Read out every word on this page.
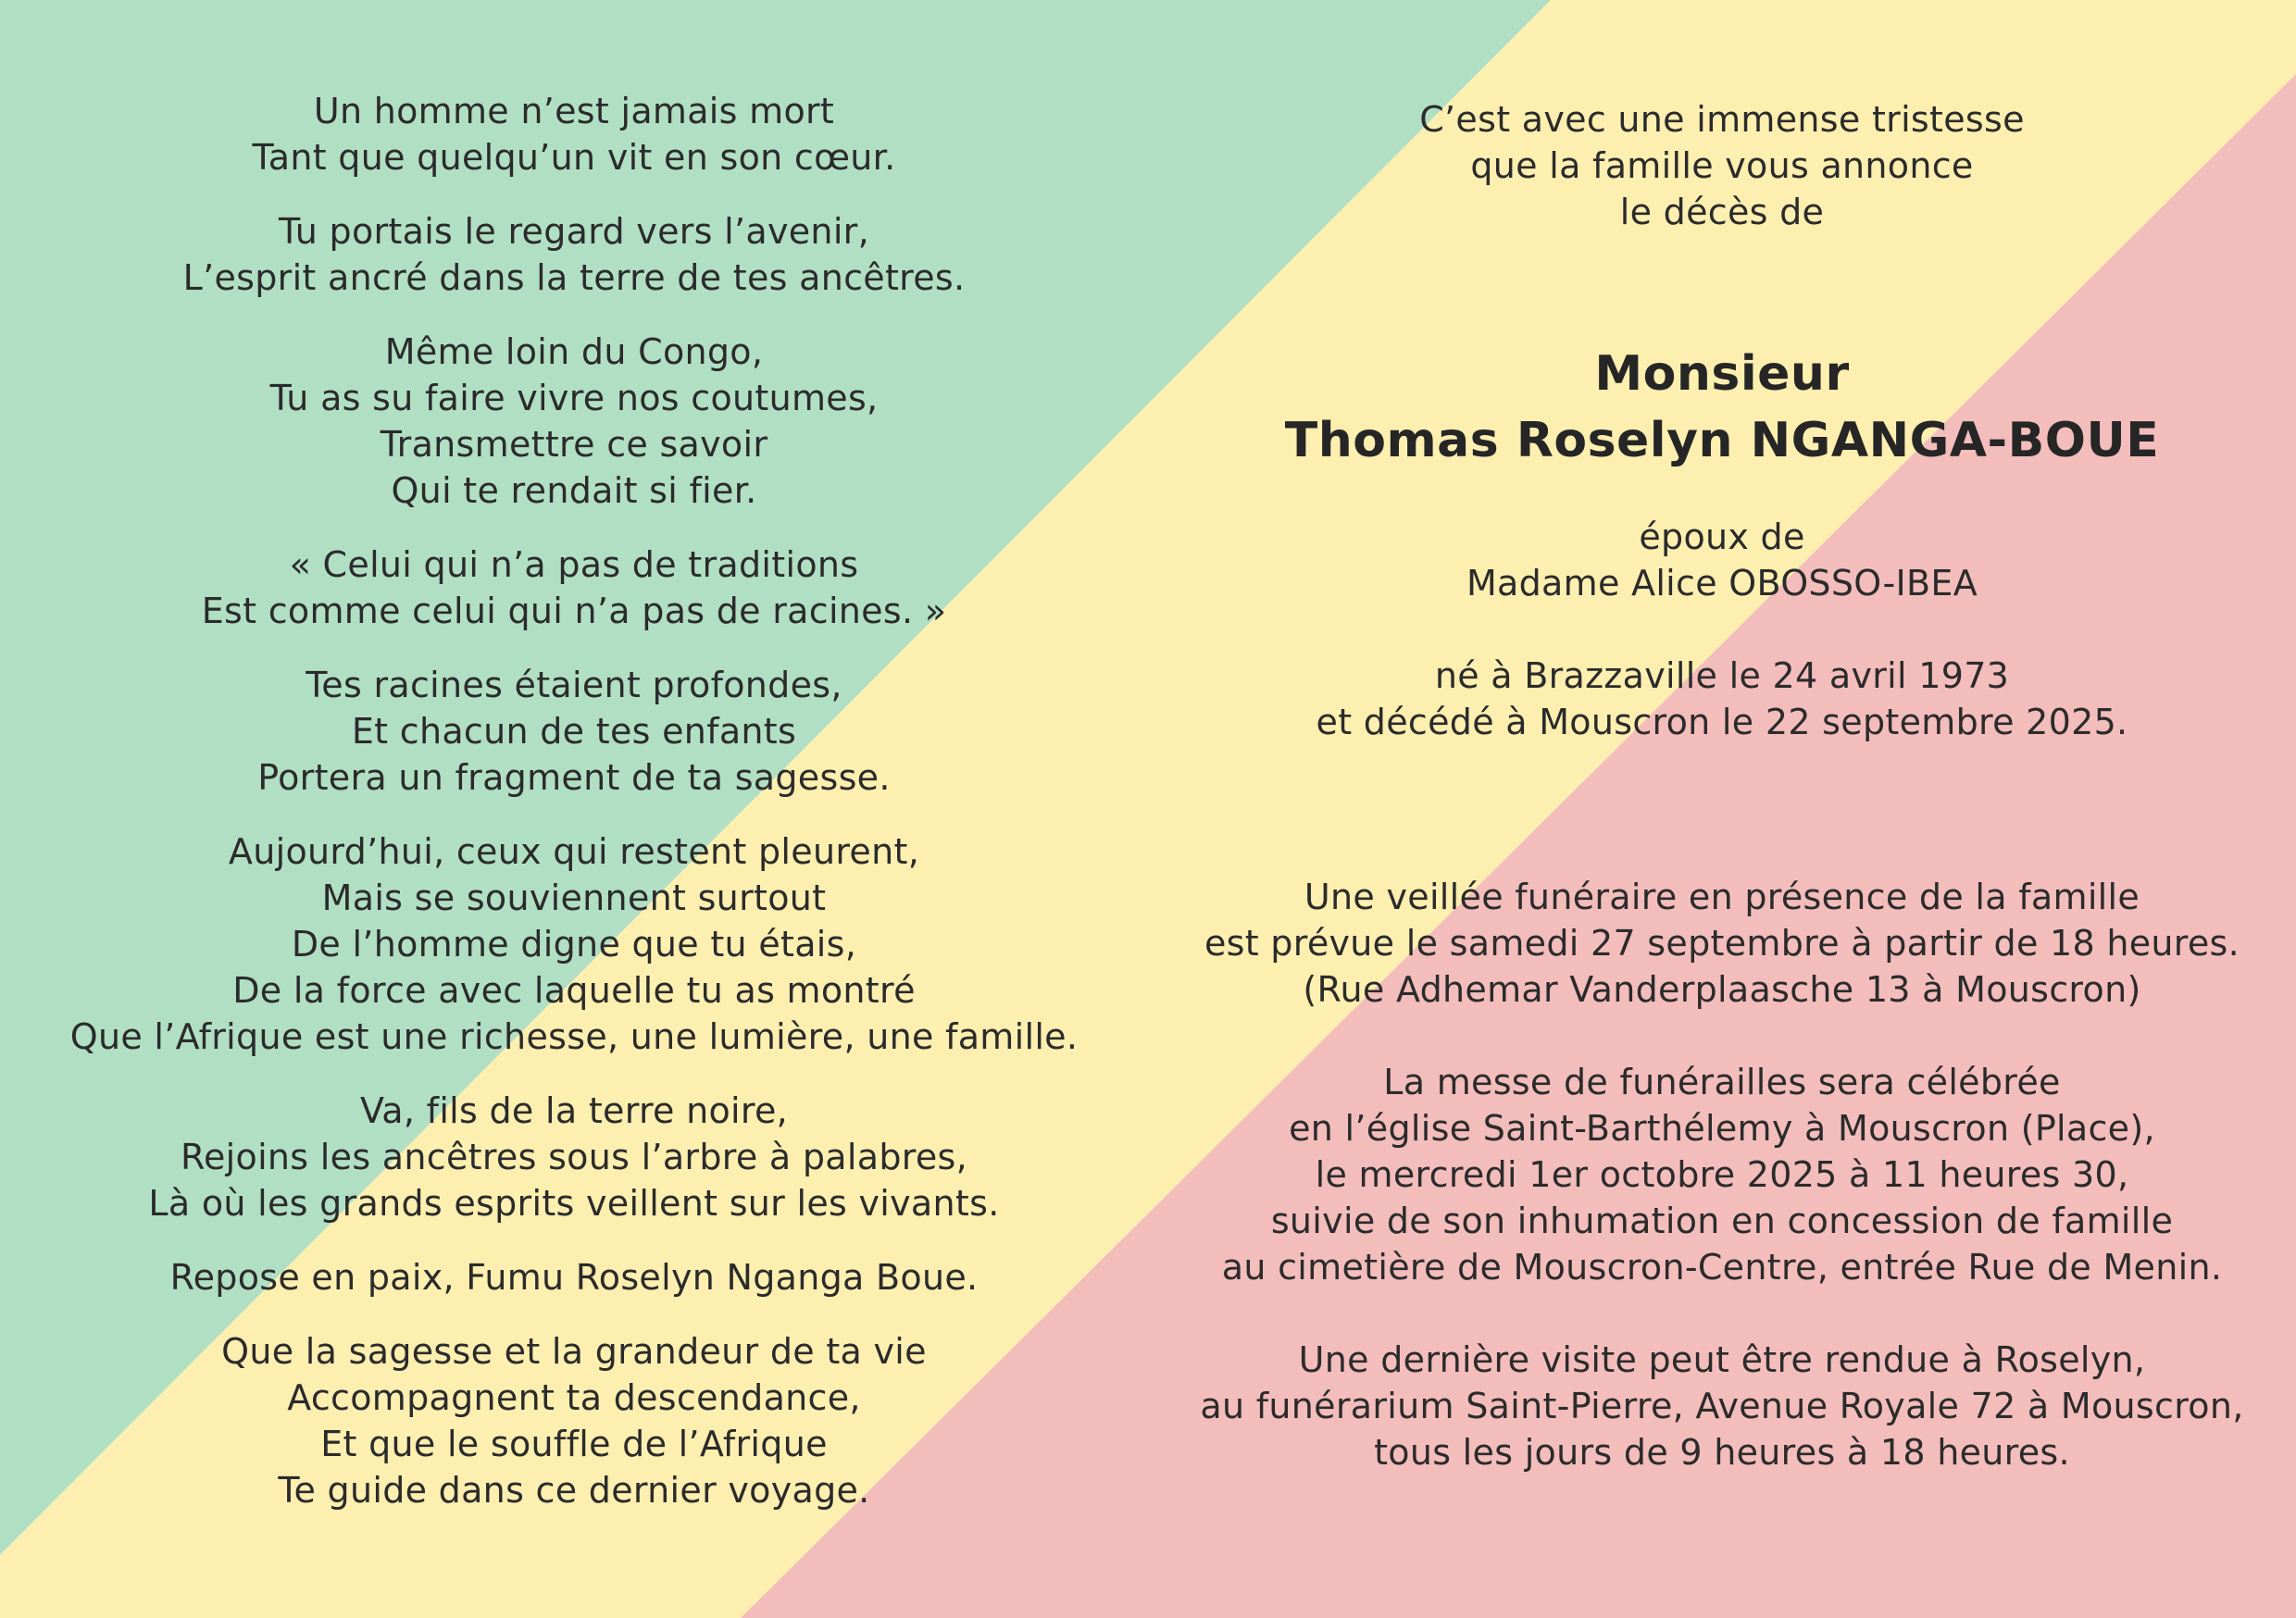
Un homme n’est jamais mort
Tant que quelqu’un vit en son cœur.
Tu portais le regard vers l’avenir,
L’esprit ancré dans la terre de tes ancêtres.
Même loin du Congo,
Tu as su faire vivre nos coutumes,
Transmettre ce savoir
Qui te rendait si fier.
« Celui qui n’a pas de traditions
Est comme celui qui n’a pas de racines. »
Tes racines étaient profondes,
Et chacun de tes enfants
Portera un fragment de ta sagesse.
Aujourd’hui, ceux qui restent pleurent,
Mais se souviennent surtout
De l’homme digne que tu étais,
De la force avec laquelle tu as montré
Que l’Afrique est une richesse, une lumière, une famille.
Va, fils de la terre noire,
Rejoins les ancêtres sous l’arbre à palabres,
Là où les grands esprits veillent sur les vivants.
Repose en paix, Fumu Roselyn Nganga Boue.
Que la sagesse et la grandeur de ta vie
Accompagnent ta descendance,
Et que le souffle de l’Afrique
Te guide dans ce dernier voyage.
C’est avec une immense tristesse
que la famille vous annonce
le décès de
Monsieur
Thomas Roselyn NGANGA-BOUE
époux de
Madame Alice OBOSSO-IBEA
né à Brazzaville le 24 avril 1973
et décédé à Mouscron le 22 septembre 2025.
Une veillée funéraire en présence de la famille
est prévue le samedi 27 septembre à partir de 18 heures.
(Rue Adhemar Vanderplaasche 13 à Mouscron)
La messe de funérailles sera célébrée
en l’église Saint-Barthélemy à Mouscron (Place),
le mercredi 1er octobre 2025 à 11 heures 30,
suivie de son inhumation en concession de famille
au cimetière de Mouscron-Centre, entrée Rue de Menin.
Une dernière visite peut être rendue à Roselyn,
au funérarium Saint-Pierre, Avenue Royale 72 à Mouscron,
tous les jours de 9 heures à 18 heures.
